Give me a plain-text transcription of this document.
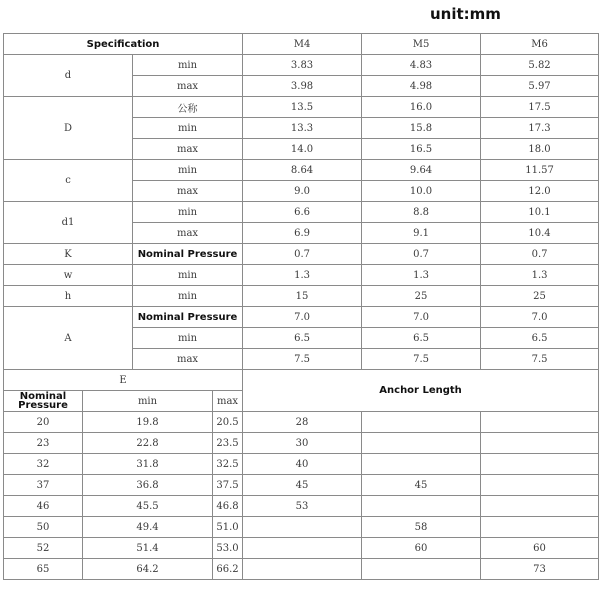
unit:mm
Specification				M4	M5	M6
d		min		3.83	4.83	5.82
		max		3.98	4.98	5.97
D		公称		13.5	16.0	17.5
		min		13.3	15.8	17.3
		max		14.0	16.5	18.0
c		min		8.64	9.64	11.57
		max		9.0	10.0	12.0
d1		min		6.6	8.8	10.1
		max		6.9	9.1	10.4
K		Nominal Pressure		0.7	0.7	0.7
w		min		1.3	1.3	1.3
h		min		15	25	25
A		Nominal Pressure		7.0	7.0	7.0
		min		6.5	6.5	6.5
		max		7.5	7.5	7.5
E				Anchor Length		
Nominal Pressure	min		max			
20	19.8		20.5	28		
23	22.8		23.5	30		
32	31.8		32.5	40		
37	36.8		37.5	45	45	
46	45.5		46.8	53		
50	49.4		51.0		58	
52	51.4		53.0		60	60
65	64.2		66.2			73
